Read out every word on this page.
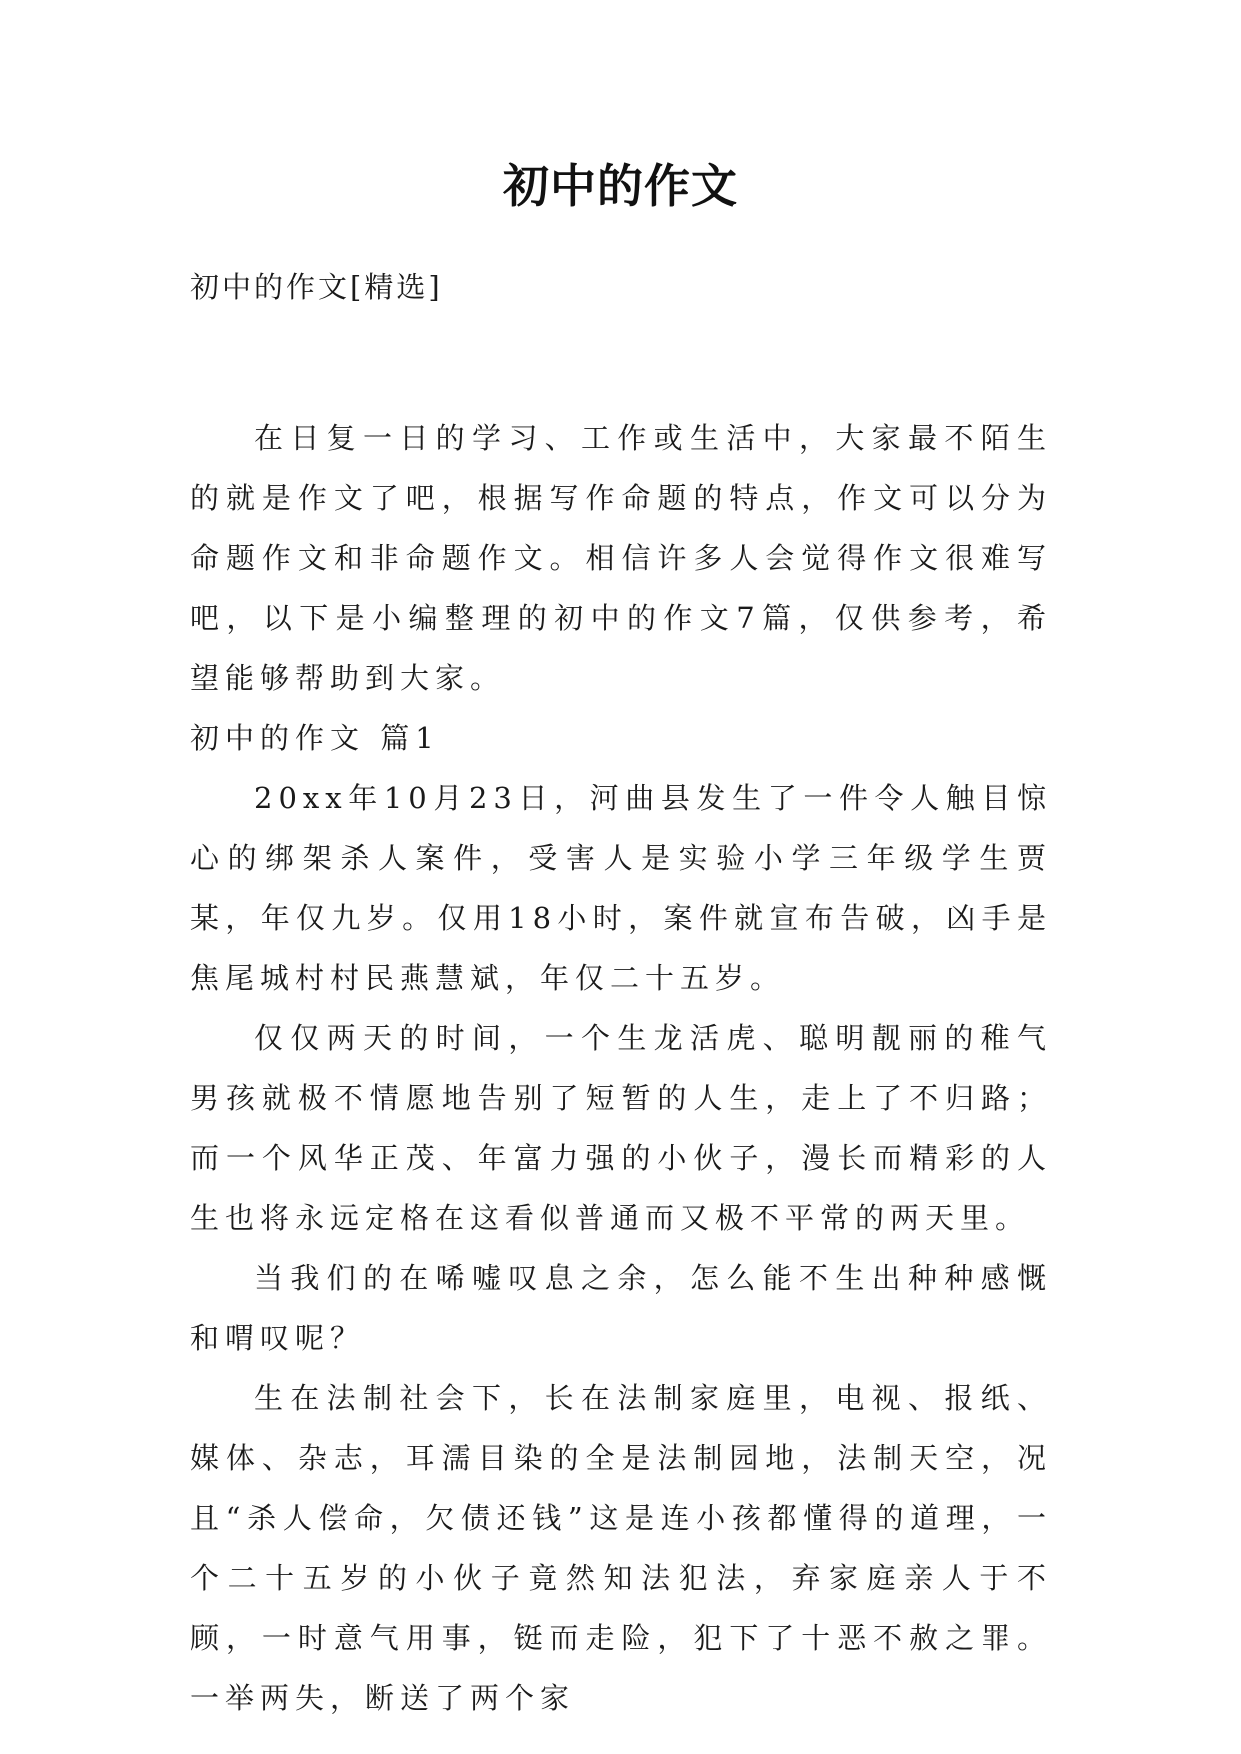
初中的作文

初中的作文[精选]

在日复一日的学习、工作或生活中，大家最不陌生的就是作文了吧，根据写作命题的特点，作文可以分为命题作文和非命题作文。相信许多人会觉得作文很难写吧，以下是小编整理的初中的作文7篇，仅供参考，希望能够帮助到大家。

初中的作文 篇1

20xx年10月23日，河曲县发生了一件令人触目惊心的绑架杀人案件，受害人是实验小学三年级学生贾某，年仅九岁。仅用18小时，案件就宣布告破，凶手是焦尾城村村民燕慧斌，年仅二十五岁。

仅仅两天的时间，一个生龙活虎、聪明靓丽的稚气男孩就极不情愿地告别了短暂的人生，走上了不归路；而一个风华正茂、年富力强的小伙子，漫长而精彩的人生也将永远定格在这看似普通而又极不平常的两天里。

当我们的在唏嘘叹息之余，怎么能不生出种种感慨和喟叹呢？

生在法制社会下，长在法制家庭里，电视、报纸、媒体、杂志，耳濡目染的全是法制园地，法制天空，况且“杀人偿命，欠债还钱”这是连小孩都懂得的道理，一个二十五岁的小伙子竟然知法犯法，弃家庭亲人于不顾，一时意气用事，铤而走险，犯下了十恶不赦之罪。一举两失，断送了两个家
